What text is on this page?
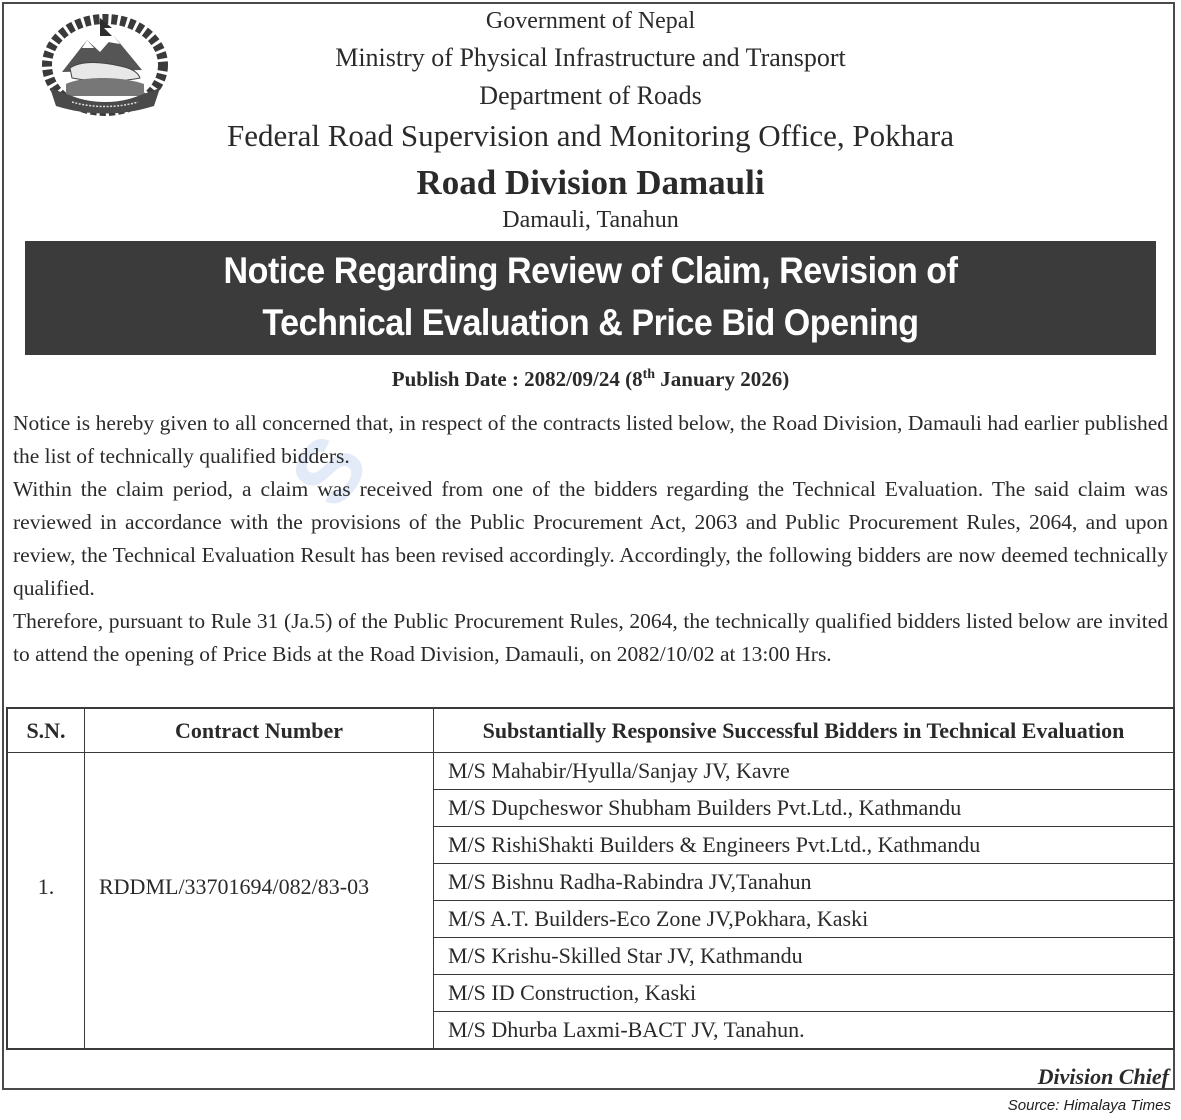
S
Government of Nepal
Ministry of Physical Infrastructure and Transport
Department of Roads
Federal Road Supervision and Monitoring Office, Pokhara
Road Division Damauli
Damauli, Tanahun
Notice Regarding Review of Claim, Revision of
Technical Evaluation & Price Bid Opening
Publish Date : 2082/09/24 (8th January 2026)

Notice is hereby given to all concerned that, in respect of the contracts listed below, the Road Division, Damauli had earlier published the list of technically qualified bidders.

Within the claim period, a claim was received from one of the bidders regarding the Technical Evaluation. The said claim was reviewed in accordance with the provisions of the Public Procurement Act, 2063 and Public Procurement Rules, 2064, and upon review, the Technical Evaluation Result has been revised accordingly. Accordingly, the following bidders are now deemed technically qualified.

Therefore, pursuant to Rule 31 (Ja.5) of the Public Procurement Rules, 2064, the technically qualified bidders listed below are invited to attend the opening of Price Bids at the Road Division, Damauli, on 2082/10/02 at 13:00 Hrs.

S.N.	Contract Number	Substantially Responsive Successful Bidders in Technical Evaluation
1.	RDDML/33701694/082/83-03	M/S Mahabir/Hyulla/Sanjay JV, Kavre
		M/S Dupcheswor Shubham Builders Pvt.Ltd., Kathmandu
		M/S RishiShakti Builders & Engineers Pvt.Ltd., Kathmandu
		M/S Bishnu Radha-Rabindra JV,Tanahun
		M/S A.T. Builders-Eco Zone JV,Pokhara, Kaski
		M/S Krishu-Skilled Star JV, Kathmandu
		M/S ID Construction, Kaski
		M/S Dhurba Laxmi-BACT JV, Tanahun.
Division Chief
Source: Himalaya Times
